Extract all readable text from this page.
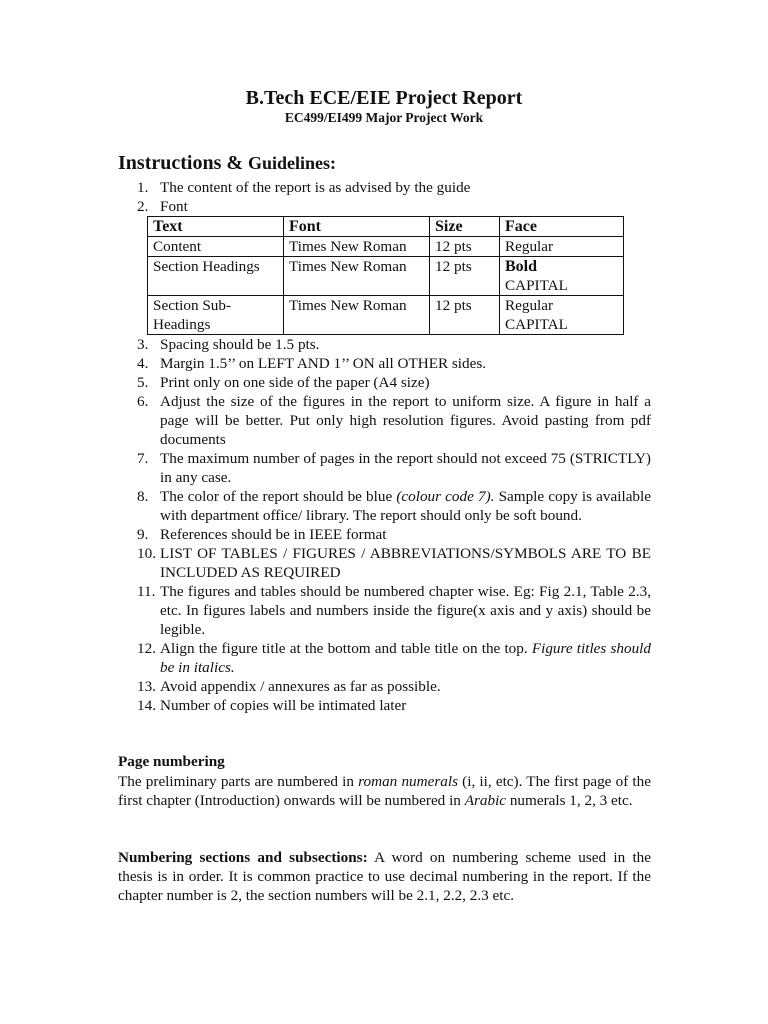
B.Tech ECE/EIE Project Report
EC499/EI499 Major Project Work
Instructions & Guidelines:
1. The content of the report is as advised by the guide
2. Font
Text	Font	Size	Face
Content	Times New Roman	12 pts	Regular

Section Headings	Times New Roman	12 pts	Bold
CAPITAL

Section Sub-Headings	Times New Roman	12 pts	Regular
CAPITAL
3. Spacing should be 1.5 pts.
4. Margin 1.5’’ on LEFT AND 1’’ ON all OTHER sides.
5. Print only on one side of the paper (A4 size)
6. Adjust the size of the figures in the report to uniform size. A figure in half a page will be better. Put only high resolution figures. Avoid pasting from pdf documents
7. The maximum number of pages in the report should not exceed 75 (STRICTLY) in any case.
8. The color of the report should be blue (colour code 7). Sample copy is available with department office/ library. The report should only be soft bound.
9. References should be in IEEE format
10. LIST OF TABLES / FIGURES / ABBREVIATIONS/SYMBOLS ARE TO BE INCLUDED AS REQUIRED
11. The figures and tables should be numbered chapter wise. Eg: Fig 2.1, Table 2.3, etc. In figures labels and numbers inside the figure(x axis and y axis) should be legible.
12. Align the figure title at the bottom and table title on the top. Figure titles should be in italics.
13. Avoid appendix / annexures as far as possible.
14. Number of copies will be intimated later
Page numbering

The preliminary parts are numbered in roman numerals (i, ii, etc). The first page of the first chapter (Introduction) onwards will be numbered in Arabic numerals 1, 2, 3 etc.

Numbering sections and subsections: A word on numbering scheme used in the thesis is in order. It is common practice to use decimal numbering in the report. If the chapter number is 2, the section numbers will be 2.1, 2.2, 2.3 etc.
